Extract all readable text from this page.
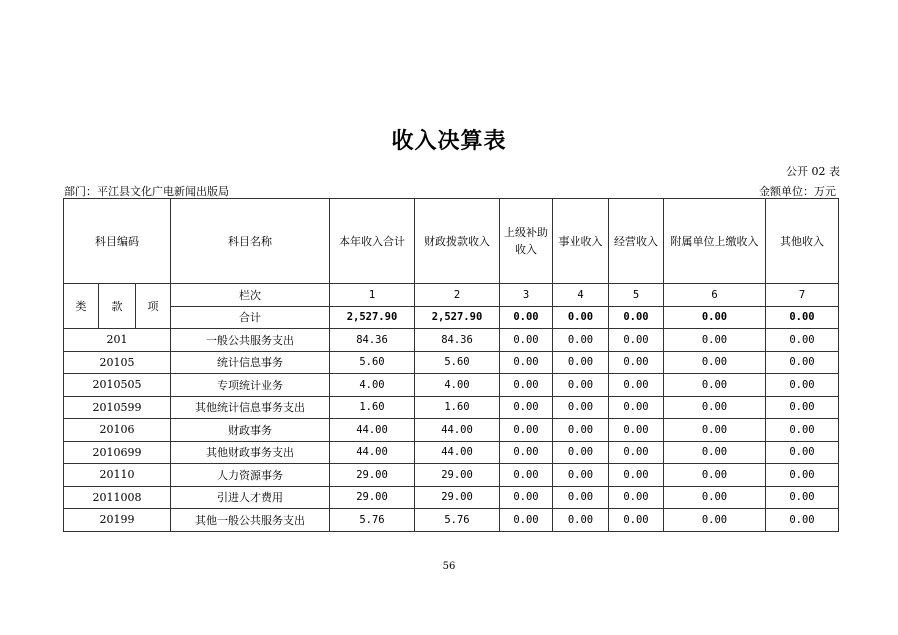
收入决算表
公开 02 表
部门：平江县文化广电新闻出版局	金额单位：万元
科目编码			科目名称	本年收入合计	财政拨款收入	上级补助收入	事业收入	经营收入	附属单位上缴收入	其他收入
类	款	项	栏次	1	2	3	4	5	6	7
			合计	2,527.90	2,527.90	0.00	0.00	0.00	0.00	0.00
201			一般公共服务支出	84.36	84.36	0.00	0.00	0.00	0.00	0.00
20105			统计信息事务	5.60	5.60	0.00	0.00	0.00	0.00	0.00
2010505			专项统计业务	4.00	4.00	0.00	0.00	0.00	0.00	0.00
2010599			其他统计信息事务支出	1.60	1.60	0.00	0.00	0.00	0.00	0.00
20106			财政事务	44.00	44.00	0.00	0.00	0.00	0.00	0.00
2010699			其他财政事务支出	44.00	44.00	0.00	0.00	0.00	0.00	0.00
20110			人力资源事务	29.00	29.00	0.00	0.00	0.00	0.00	0.00
2011008			引进人才费用	29.00	29.00	0.00	0.00	0.00	0.00	0.00
20199			其他一般公共服务支出	5.76	5.76	0.00	0.00	0.00	0.00	0.00
56
